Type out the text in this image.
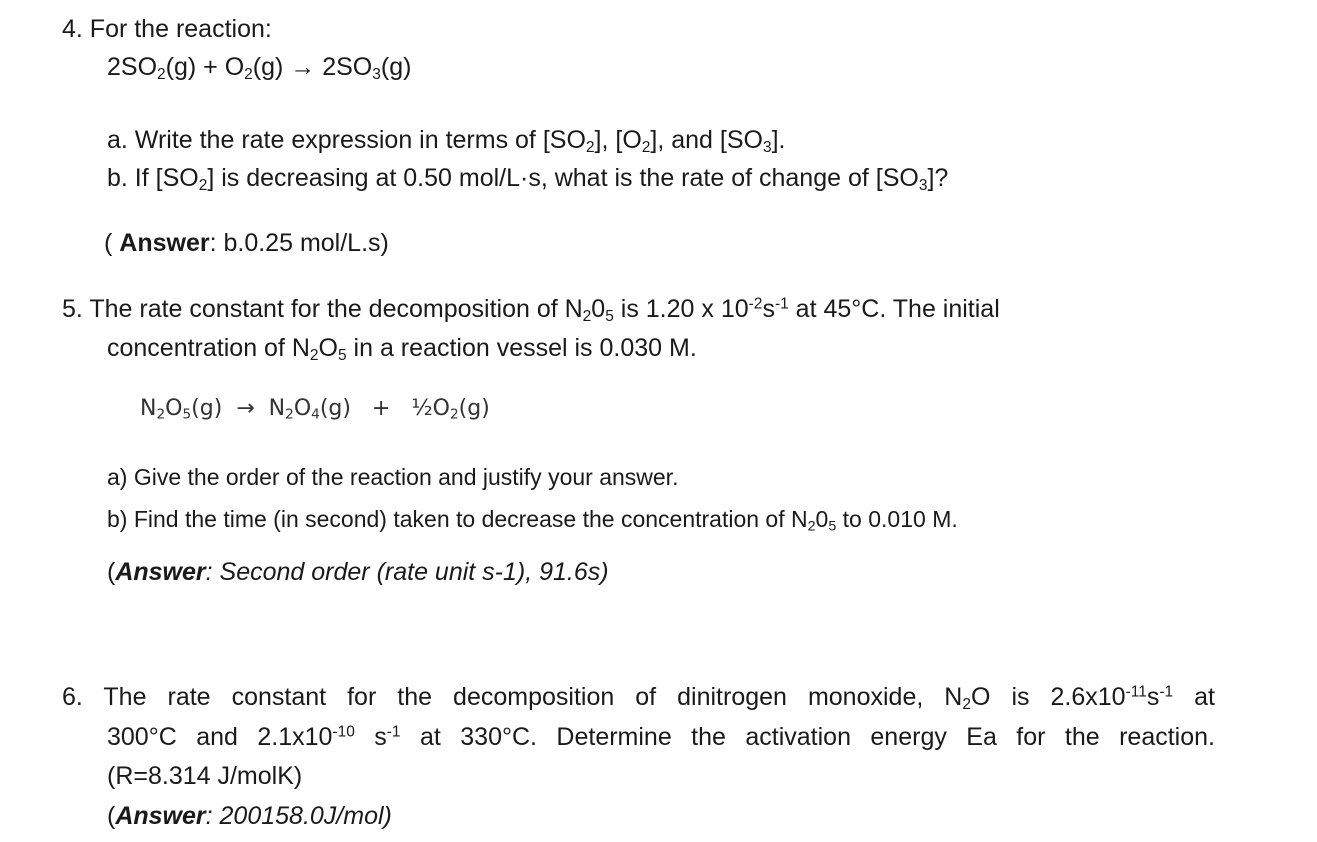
4. For the reaction:
$2SO_2(g) + O_2(g) \to 2SO_3(g)$
a. Write the rate expression in terms of $[SO_2]$, $[O_2]$, and $[SO_3]$.
b. If $[SO_2]$ is decreasing at 0.50 mol/L·s, what is the rate of change of $[SO_3]$?
( Answer: b.0.25 mol/L.s)
5. The rate constant for the decomposition of $N_20_5$ is 1.20 x $10^{-2}s^{-1}$ at 45°C. The initial
concentration of $N_2O_5$ in a reaction vessel is 0.030 M.
$N_2O_5(g) \to N_2O_4(g)$   +   $\frac{1}{2}O_2(g)$
a) Give the order of the reaction and justify your answer.
b) Find the time (in second) taken to decrease the concentration of $N_20_5$ to 0.010 M.
(Answer: Second order (rate unit s-1), 91.6s)
6. The rate constant for the decomposition of dinitrogen monoxide, $N_2O$ is $2.6x10^{-11}s^{-1}$ at
300°C and $2.1x10^{-10}$ $s^{-1}$ at 330°C. Determine the activation energy Ea for the reaction.
(R=8.314 J/molK)
(Answer: 200158.0J/mol)
